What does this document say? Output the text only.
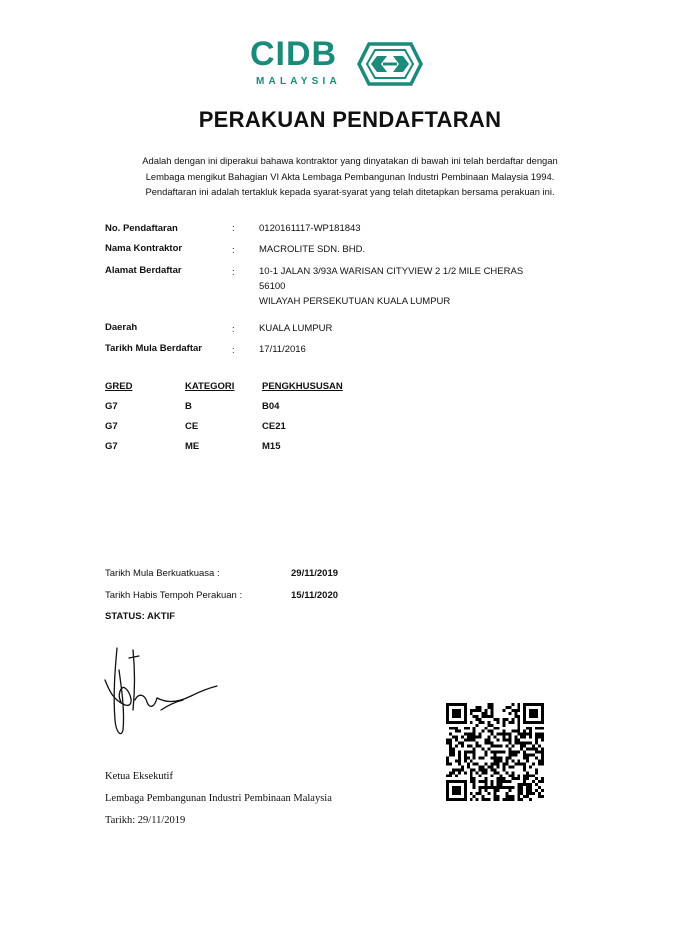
CIDB
MALAYSIA
PERAKUAN PENDAFTARAN
Adalah dengan ini diperakui bahawa kontraktor yang dinyatakan di bawah ini telah berdaftar dengan
Lembaga mengikut Bahagian VI Akta Lembaga Pembangunan Industri Pembinaan Malaysia 1994.
Pendaftaran ini adalah tertakluk kepada syarat-syarat yang telah ditetapkan bersama perakuan ini.
No. Pendaftaran	:	0120161117-WP181843
Nama Kontraktor	:	MACROLITE SDN. BHD.
Alamat Berdaftar	:	10-1 JALAN 3/93A WARISAN CITYVIEW 2 1/2 MILE CHERAS
56100
WILAYAH PERSEKUTUAN KUALA LUMPUR
Daerah	:	KUALA LUMPUR
Tarikh Mula Berdaftar	:	17/11/2016
GRED	KATEGORI	PENGKHUSUSAN
G7	B	B04
G7	CE	CE21
G7	ME	M15
Tarikh Mula Berkuatkuasa :	29/11/2019
Tarikh Habis Tempoh Perakuan :	15/11/2020
STATUS: AKTIF
Ketua Eksekutif
Lembaga Pembangunan Industri Pembinaan Malaysia
Tarikh: 29/11/2019
